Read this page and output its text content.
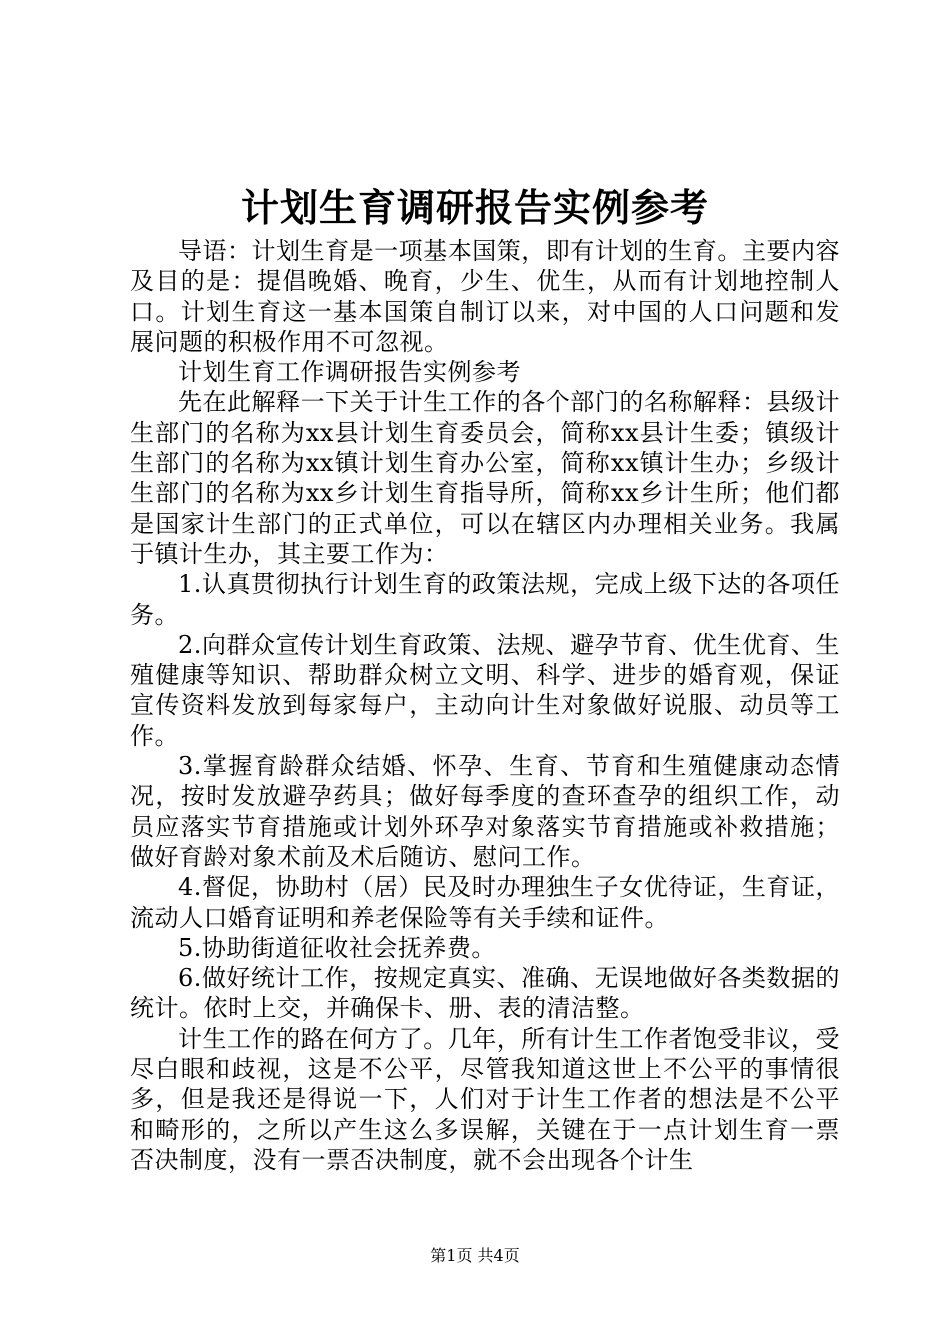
计划生育调研报告实例参考

导语：计划生育是一项基本国策，即有计划的生育。主要内容及目的是：提倡晚婚、晚育，少生、优生，从而有计划地控制人口。计划生育这一基本国策自制订以来，对中国的人口问题和发展问题的积极作用不可忽视。

计划生育工作调研报告实例参考

先在此解释一下关于计生工作的各个部门的名称解释：县级计生部门的名称为xx县计划生育委员会，简称xx县计生委；镇级计生部门的名称为xx镇计划生育办公室，简称xx镇计生办；乡级计生部门的名称为xx乡计划生育指导所，简称xx乡计生所；他们都是国家计生部门的正式单位，可以在辖区内办理相关业务。我属于镇计生办，其主要工作为：

1.认真贯彻执行计划生育的政策法规，完成上级下达的各项任务。

2.向群众宣传计划生育政策、法规、避孕节育、优生优育、生殖健康等知识、帮助群众树立文明、科学、进步的婚育观，保证宣传资料发放到每家每户，主动向计生对象做好说服、动员等工作。

3.掌握育龄群众结婚、怀孕、生育、节育和生殖健康动态情况，按时发放避孕药具；做好每季度的查环查孕的组织工作，动员应落实节育措施或计划外环孕对象落实节育措施或补救措施；做好育龄对象术前及术后随访、慰问工作。

4.督促，协助村（居）民及时办理独生子女优待证，生育证，流动人口婚育证明和养老保险等有关手续和证件。

5.协助街道征收社会抚养费。

6.做好统计工作，按规定真实、准确、无误地做好各类数据的统计。依时上交，并确保卡、册、表的清洁整。

计生工作的路在何方了。几年，所有计生工作者饱受非议，受尽白眼和歧视，这是不公平，尽管我知道这世上不公平的事情很多，但是我还是得说一下，人们对于计生工作者的想法是不公平和畸形的，之所以产生这么多误解，关键在于一点计划生育一票否决制度，没有一票否决制度，就不会出现各个计生

第1页 共4页
